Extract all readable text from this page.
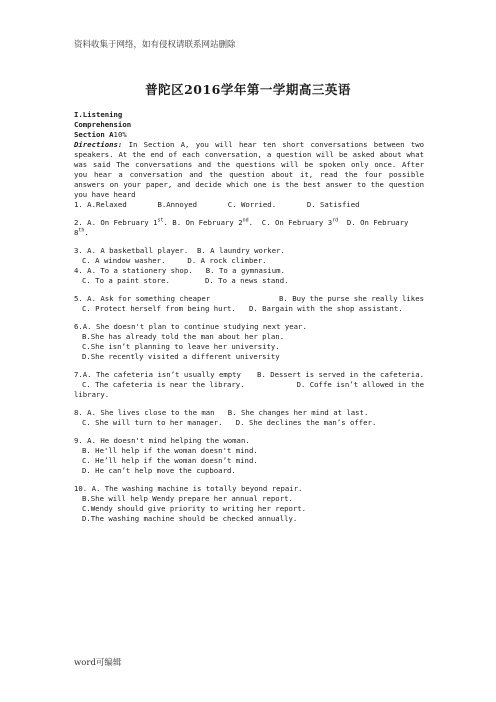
资料收集于网络，如有侵权请联系网站删除
普陀区2016学年第一学期高三英语
I.Listening
Comprehension
Section A10%
Directions: In Section A, you will hear ten short conversations between two speakers. At the end of each conversation, a question will be asked about what was said The conversations and the questions will be spoken only once. After you hear a conversation and the question about it, read the four possible answers on your paper, and decide which one is the best answer to the question you have heard
1. A.Relaxed       B.Annoyed       C. Worried.       D. Satisfied
2. A. On February 1st. B. On February 2nd.  C. On February 3rd  D. On February
8th.
3. A. A basketball player.  B. A laundry worker.
C. A window washer.     D. A rock climber.
4. A. To a stationery shop.   B. To a gymnasium.
C. To a paint store.        D. To a news stand.
5. A. Ask for something cheaper	B. Buy the purse she really likes
C. Protect herself from being hurt.   D. Bargain with the shop assistant.
6.A. She doesn't plan to continue studying next year.
B.She has already told the man about her plan.
C.She isn’t planning to leave her university.
D.She recently visited a different university
7.A. The cafeteria isn’t usually empty	B. Dessert is served in the cafeteria.
C. The cafeteria is near the library.	D. Coffe isn’t allowed in the
library.
8. A. She lives close to the man   B. She changes her mind at last.
C. She will turn to her manager.   D. She declines the man’s offer.
9. A. He doesn't mind helping the woman.
B. He'll help if the woman doesn't mind.
C. He’ll help if the woman doesn’t mind.
D. He can’t help move the cupboard.
10. A. The washing machine is totally beyond repair.
B.She will help Wendy prepare her annual report.
C.Wendy should give priority to writing her report.
D.The washing machine should be checked annually.
word可编辑
